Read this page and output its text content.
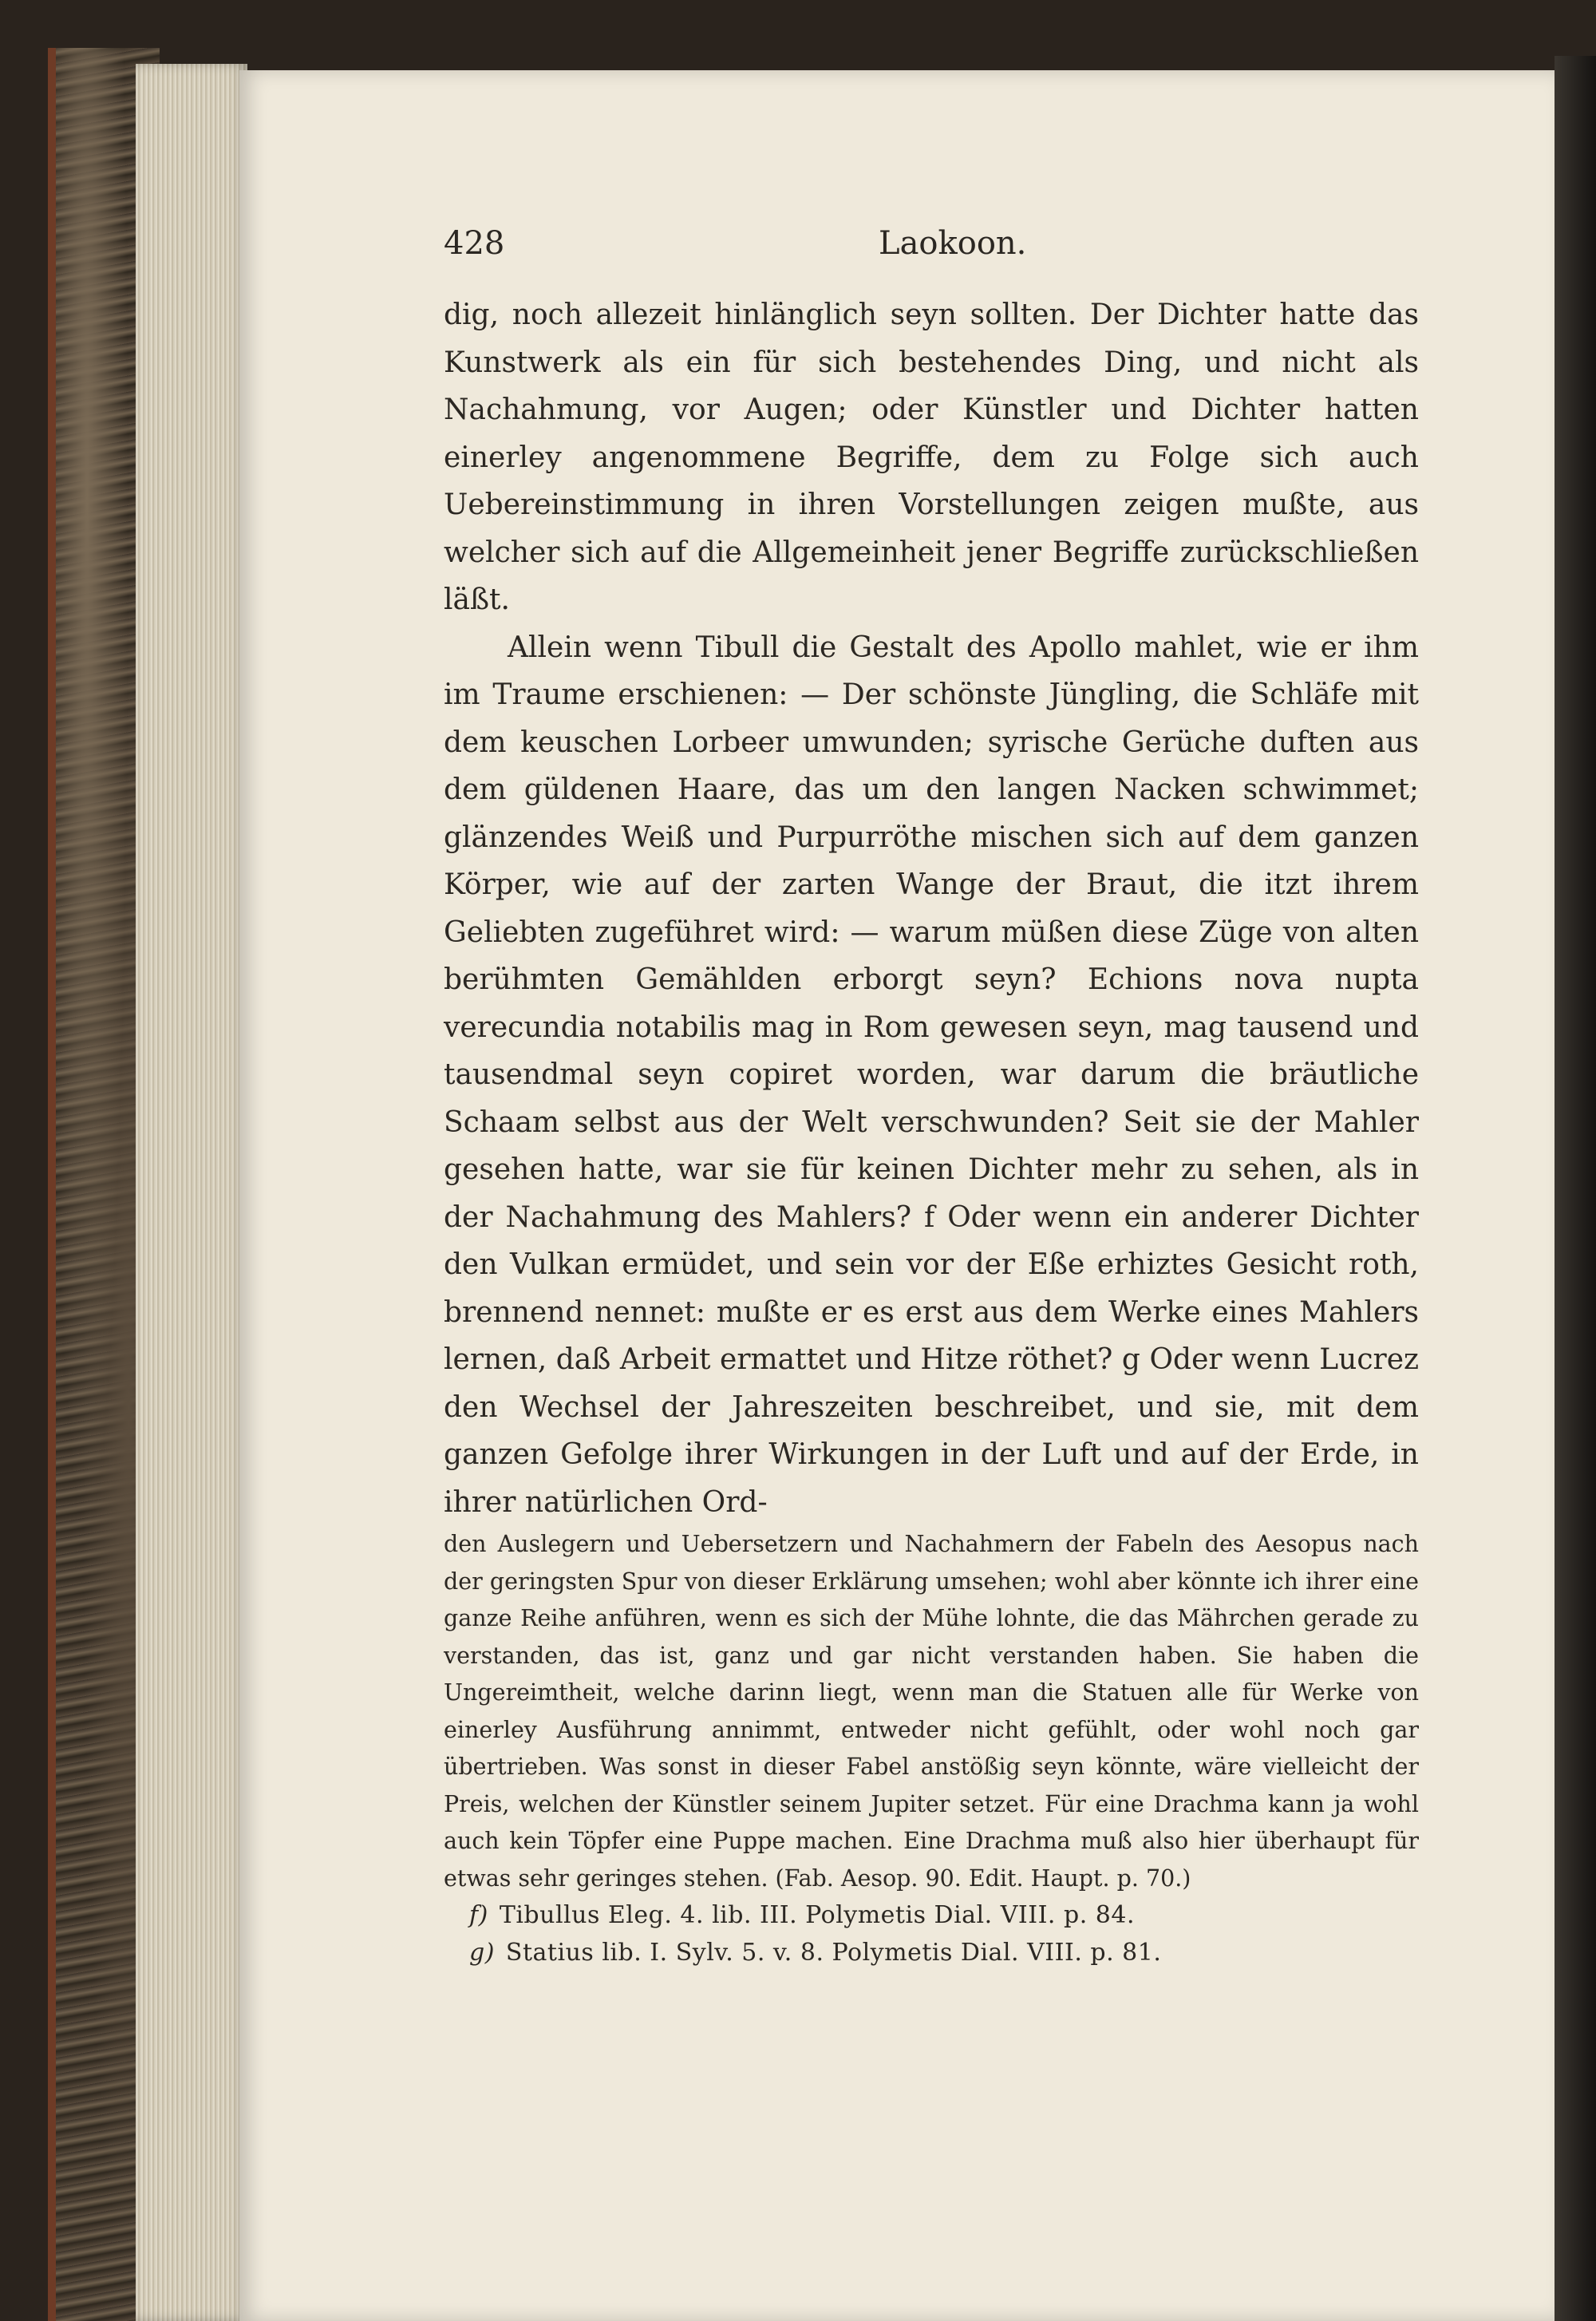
428	Laokoon.

dig, noch allezeit hinlänglich seyn sollten. Der Dichter hatte das Kunstwerk als ein für sich bestehendes Ding, und nicht als Nachahmung, vor Augen; oder Künstler und Dichter hatten einerley angenommene Begriffe, dem zu Folge sich auch Uebereinstimmung in ihren Vorstellungen zeigen mußte, aus welcher sich auf die Allgemeinheit jener Begriffe zurückschließen läßt.

Allein wenn Tibull die Gestalt des Apollo mahlet, wie er ihm im Traume erschienen: — Der schönste Jüngling, die Schläfe mit dem keuschen Lorbeer umwunden; syrische Gerüche duften aus dem güldenen Haare, das um den langen Nacken schwimmet; glänzendes Weiß und Purpurröthe mischen sich auf dem ganzen Körper, wie auf der zarten Wange der Braut, die itzt ihrem Geliebten zugeführet wird: — warum müßen diese Züge von alten berühmten Gemählden erborgt seyn? Echions nova nupta verecundia notabilis mag in Rom gewesen seyn, mag tausend und tausendmal seyn copiret worden, war darum die bräutliche Schaam selbst aus der Welt verschwunden? Seit sie der Mahler gesehen hatte, war sie für keinen Dichter mehr zu sehen, als in der Nachahmung des Mahlers? f Oder wenn ein anderer Dichter den Vulkan ermüdet, und sein vor der Eße erhiztes Gesicht roth, brennend nennet: mußte er es erst aus dem Werke eines Mahlers lernen, daß Arbeit ermattet und Hitze röthet? g Oder wenn Lucrez den Wechsel der Jahreszeiten beschreibet, und sie, mit dem ganzen Gefolge ihrer Wirkungen in der Luft und auf der Erde, in ihrer natürlichen Ord-

den Auslegern und Uebersetzern und Nachahmern der Fabeln des Aesopus nach der geringsten Spur von dieser Erklärung umsehen; wohl aber könnte ich ihrer eine ganze Reihe anführen, wenn es sich der Mühe lohnte, die das Mährchen gerade zu verstanden, das ist, ganz und gar nicht verstanden haben. Sie haben die Ungereimtheit, welche darinn liegt, wenn man die Statuen alle für Werke von einerley Ausführung annimmt, entweder nicht gefühlt, oder wohl noch gar übertrieben. Was sonst in dieser Fabel anstößig seyn könnte, wäre vielleicht der Preis, welchen der Künstler seinem Jupiter setzet. Für eine Drachma kann ja wohl auch kein Töpfer eine Puppe machen. Eine Drachma muß also hier überhaupt für etwas sehr geringes stehen. (Fab. Aesop. 90. Edit. Haupt. p. 70.)

f) Tibullus Eleg. 4. lib. III. Polymetis Dial. VIII. p. 84.

g) Statius lib. I. Sylv. 5. v. 8. Polymetis Dial. VIII. p. 81.
